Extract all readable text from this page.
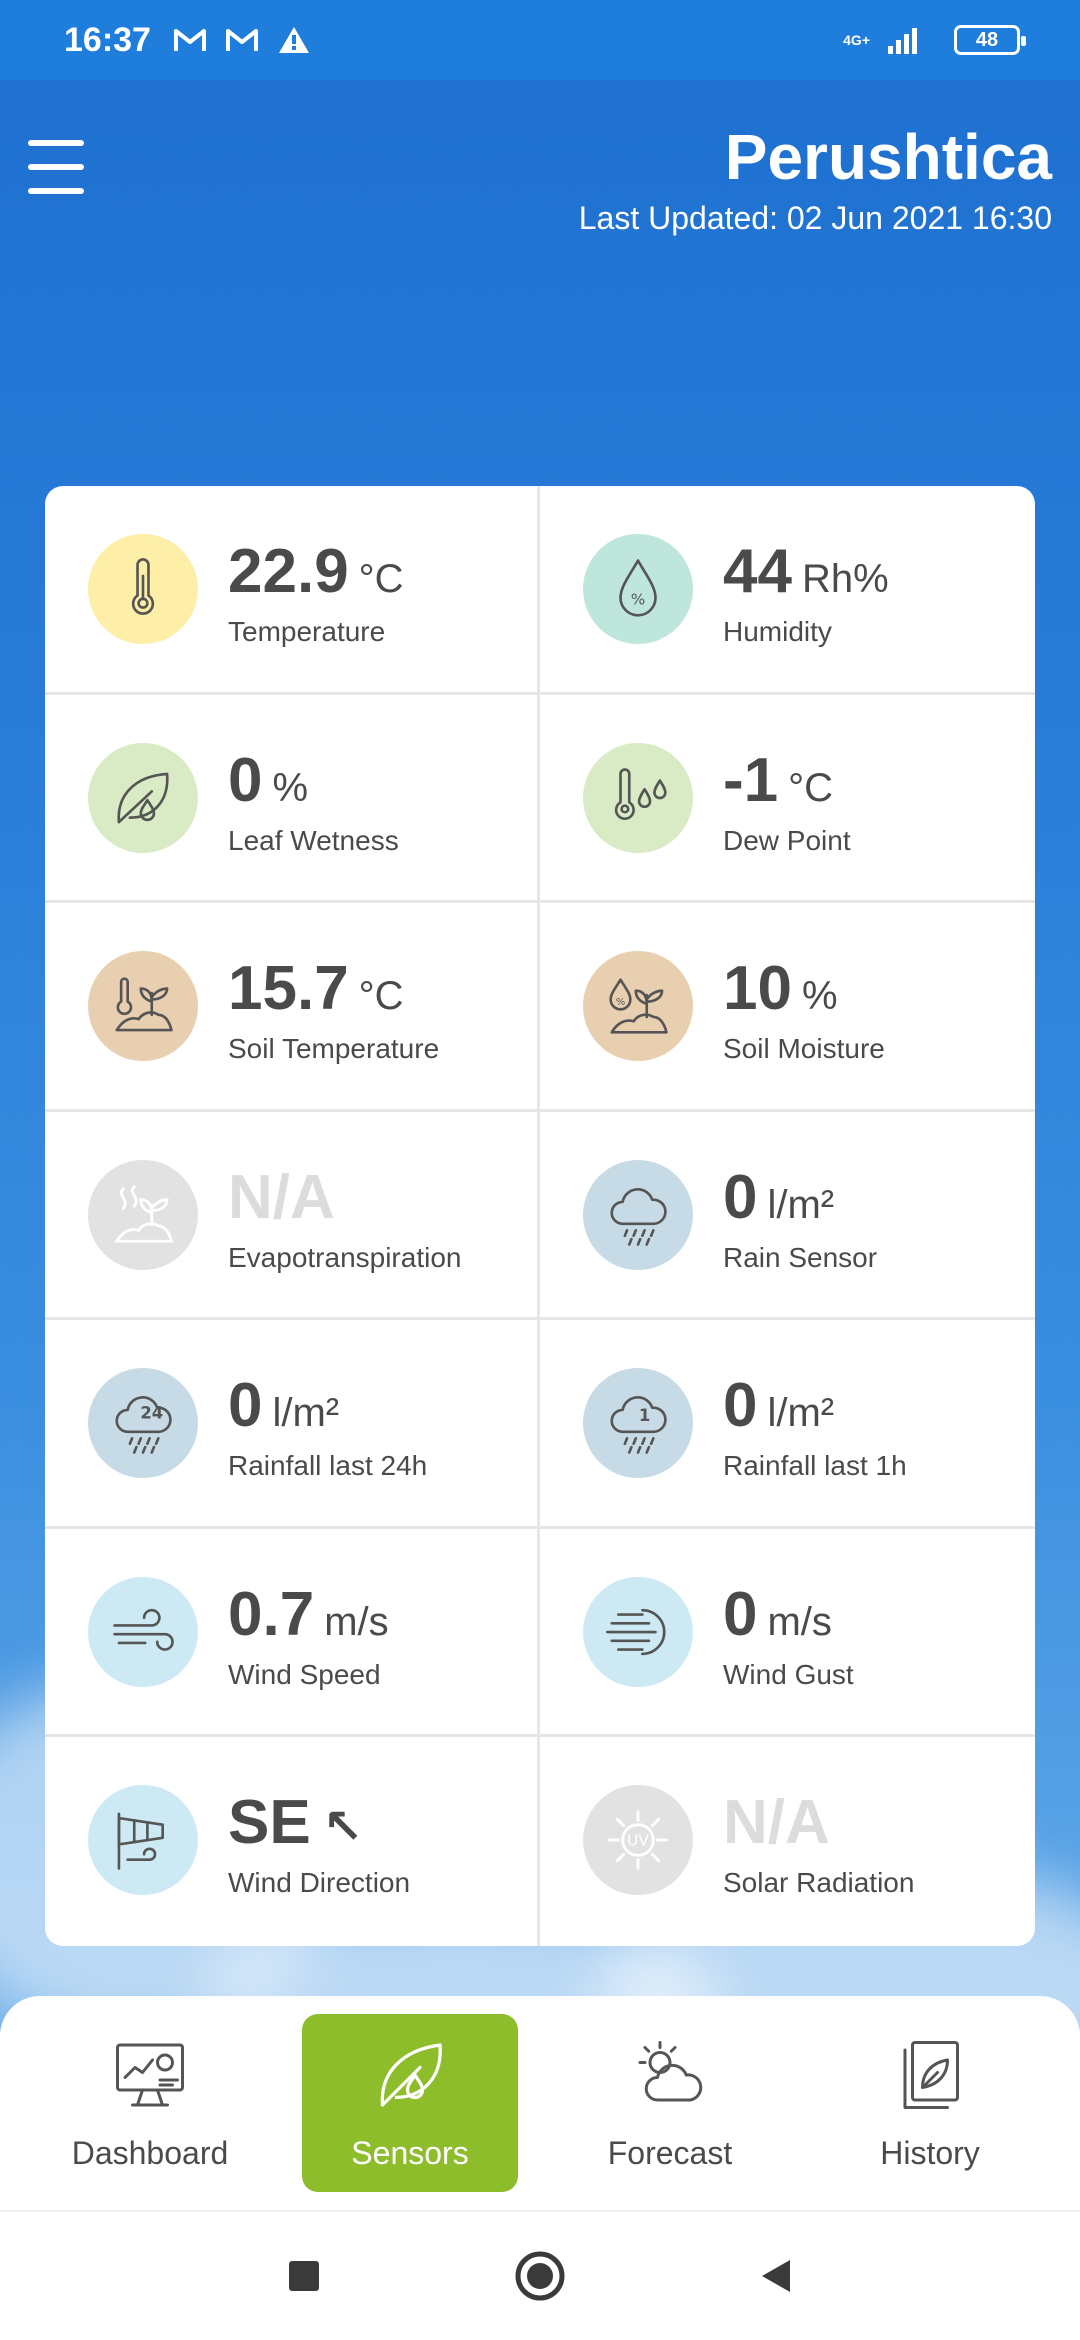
16:37	4G+	48
Perushtica
Last Updated: 02 Jun 2021 16:30
22.9 °C
Temperature
% 44 Rh%
Humidity
0 %
Leaf Wetness
-1 °C
Dew Point
15.7 °C
Soil Temperature
% 10 %
Soil Moisture
N/A
Evapotranspiration
0 l/m²
Rain Sensor
24 0 l/m²
Rainfall last 24h
1 0 l/m²
Rainfall last 1h
0.7 m/s
Wind Speed
0 m/s
Wind Gust
SE ↖
Wind Direction
UV N/A
Solar Radiation
Dashboard	Sensors	Forecast	History
